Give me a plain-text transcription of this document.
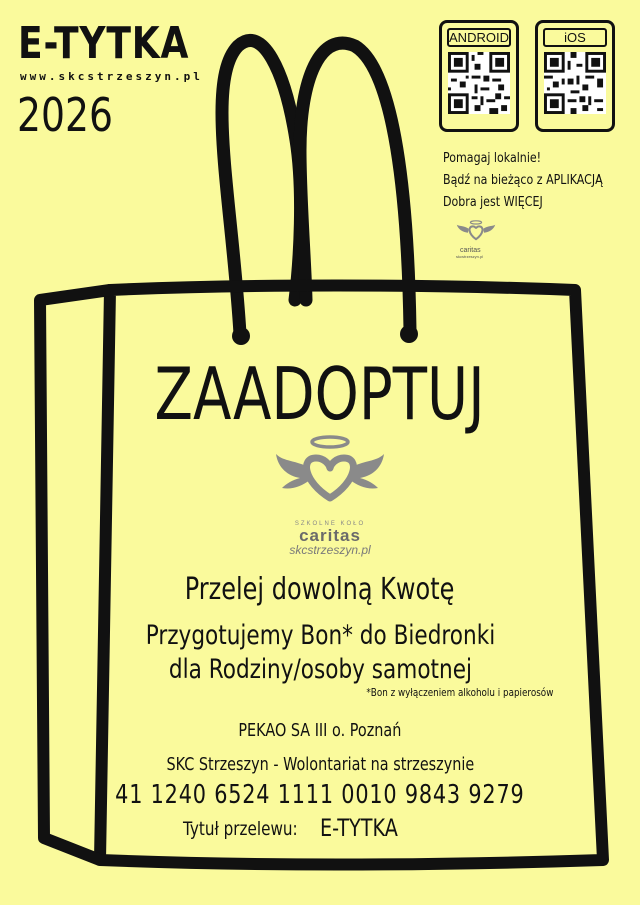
E-TYTKA
www.skcstrzeszyn.pl
2026
ANDROID	iOS
Pomagaj lokalnie!
Bądź na bieżąco z APLIKACJĄ
Dobra jest WIĘCEJ
caritas
skcstrzeszyn.pl
ZAADOPTUJ
SZKOLNE KOŁO
caritas
skcstrzeszyn.pl
Przelej dowolną Kwotę
Przygotujemy Bon* do Biedronki
dla Rodziny/osoby samotnej
*Bon z wyłączeniem alkoholu i papierosów
PEKAO SA III o. Poznań
SKC Strzeszyn - Wolontariat na strzeszynie
41 1240 6524 1111 0010 9843 9279
Tytuł przelewu: E-TYTKA
